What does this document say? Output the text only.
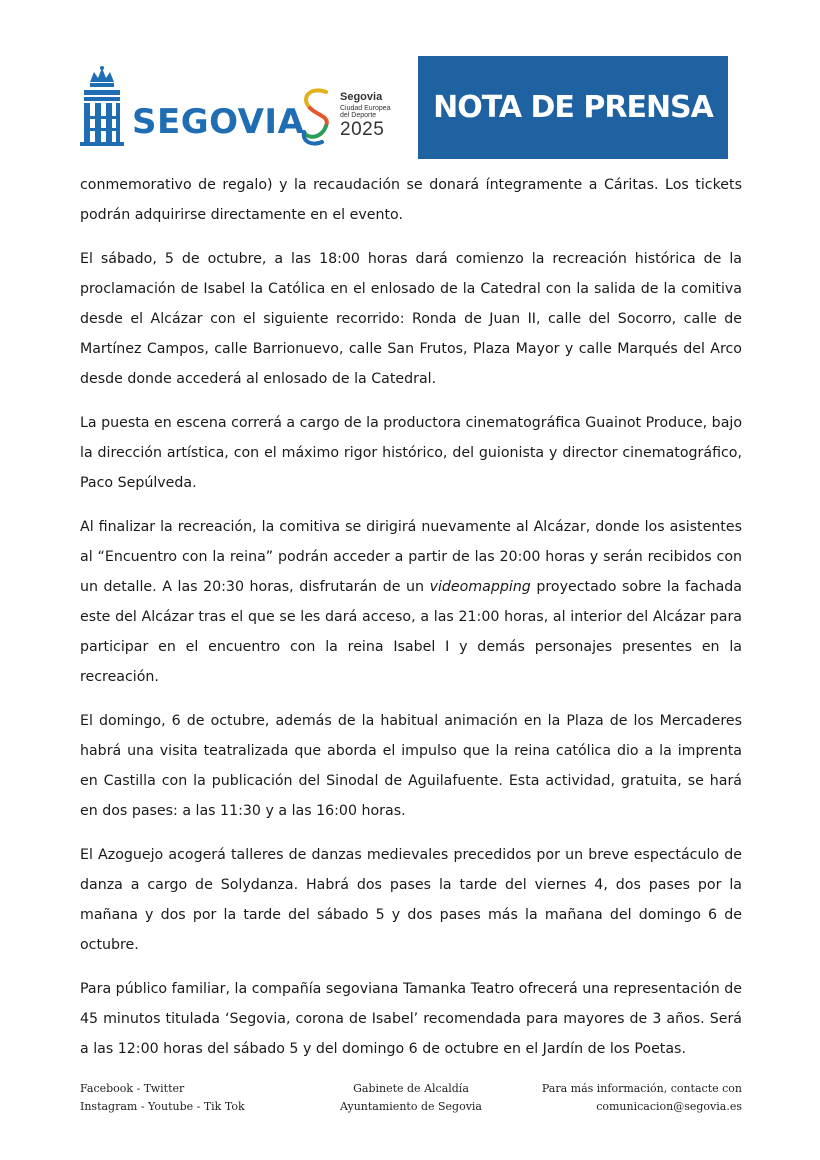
SEGOVIA
Segovia
Ciudad Europea
del Deporte
2025
NOTA DE PRENSA

conmemorativo de regalo) y la recaudación se donará íntegramente a Cáritas. Los tickets podrán adquirirse directamente en el evento.

El sábado, 5 de octubre, a las 18:00 horas dará comienzo la recreación histórica de la proclamación de Isabel la Católica en el enlosado de la Catedral con la salida de la comitiva desde el Alcázar con el siguiente recorrido: Ronda de Juan II, calle del Socorro, calle de Martínez Campos, calle Barrionuevo, calle San Frutos, Plaza Mayor y calle Marqués del Arco desde donde accederá al enlosado de la Catedral.

La puesta en escena correrá a cargo de la productora cinematográfica Guainot Produce, bajo la dirección artística, con el máximo rigor histórico, del guionista y director cinematográfico, Paco Sepúlveda.

Al finalizar la recreación, la comitiva se dirigirá nuevamente al Alcázar, donde los asistentes al “Encuentro con la reina” podrán acceder a partir de las 20:00 horas y serán recibidos con un detalle. A las 20:30 horas, disfrutarán de un videomapping proyectado sobre la fachada este del Alcázar tras el que se les dará acceso, a las 21:00 horas, al interior del Alcázar para participar en el encuentro con la reina Isabel I y demás personajes presentes en la recreación.

El domingo, 6 de octubre, además de la habitual animación en la Plaza de los Mercaderes habrá una visita teatralizada que aborda el impulso que la reina católica dio a la imprenta en Castilla con la publicación del Sinodal de Aguilafuente. Esta actividad, gratuita, se hará en dos pases: a las 11:30 y a las 16:00 horas.

El Azoguejo acogerá talleres de danzas medievales precedidos por un breve espectáculo de danza a cargo de Solydanza. Habrá dos pases la tarde del viernes 4, dos pases por la mañana y dos por la tarde del sábado 5 y dos pases más la mañana del domingo 6 de octubre.

Para público familiar, la compañía segoviana Tamanka Teatro ofrecerá una representación de 45 minutos titulada ‘Segovia, corona de Isabel’ recomendada para mayores de 3 años. Será a las 12:00 horas del sábado 5 y del domingo 6 de octubre en el Jardín de los Poetas.

Facebook - Twitter
Instagram - Youtube - Tik Tok
Gabinete de Alcaldía
Ayuntamiento de Segovia
Para más información, contacte con
comunicacion@segovia.es
